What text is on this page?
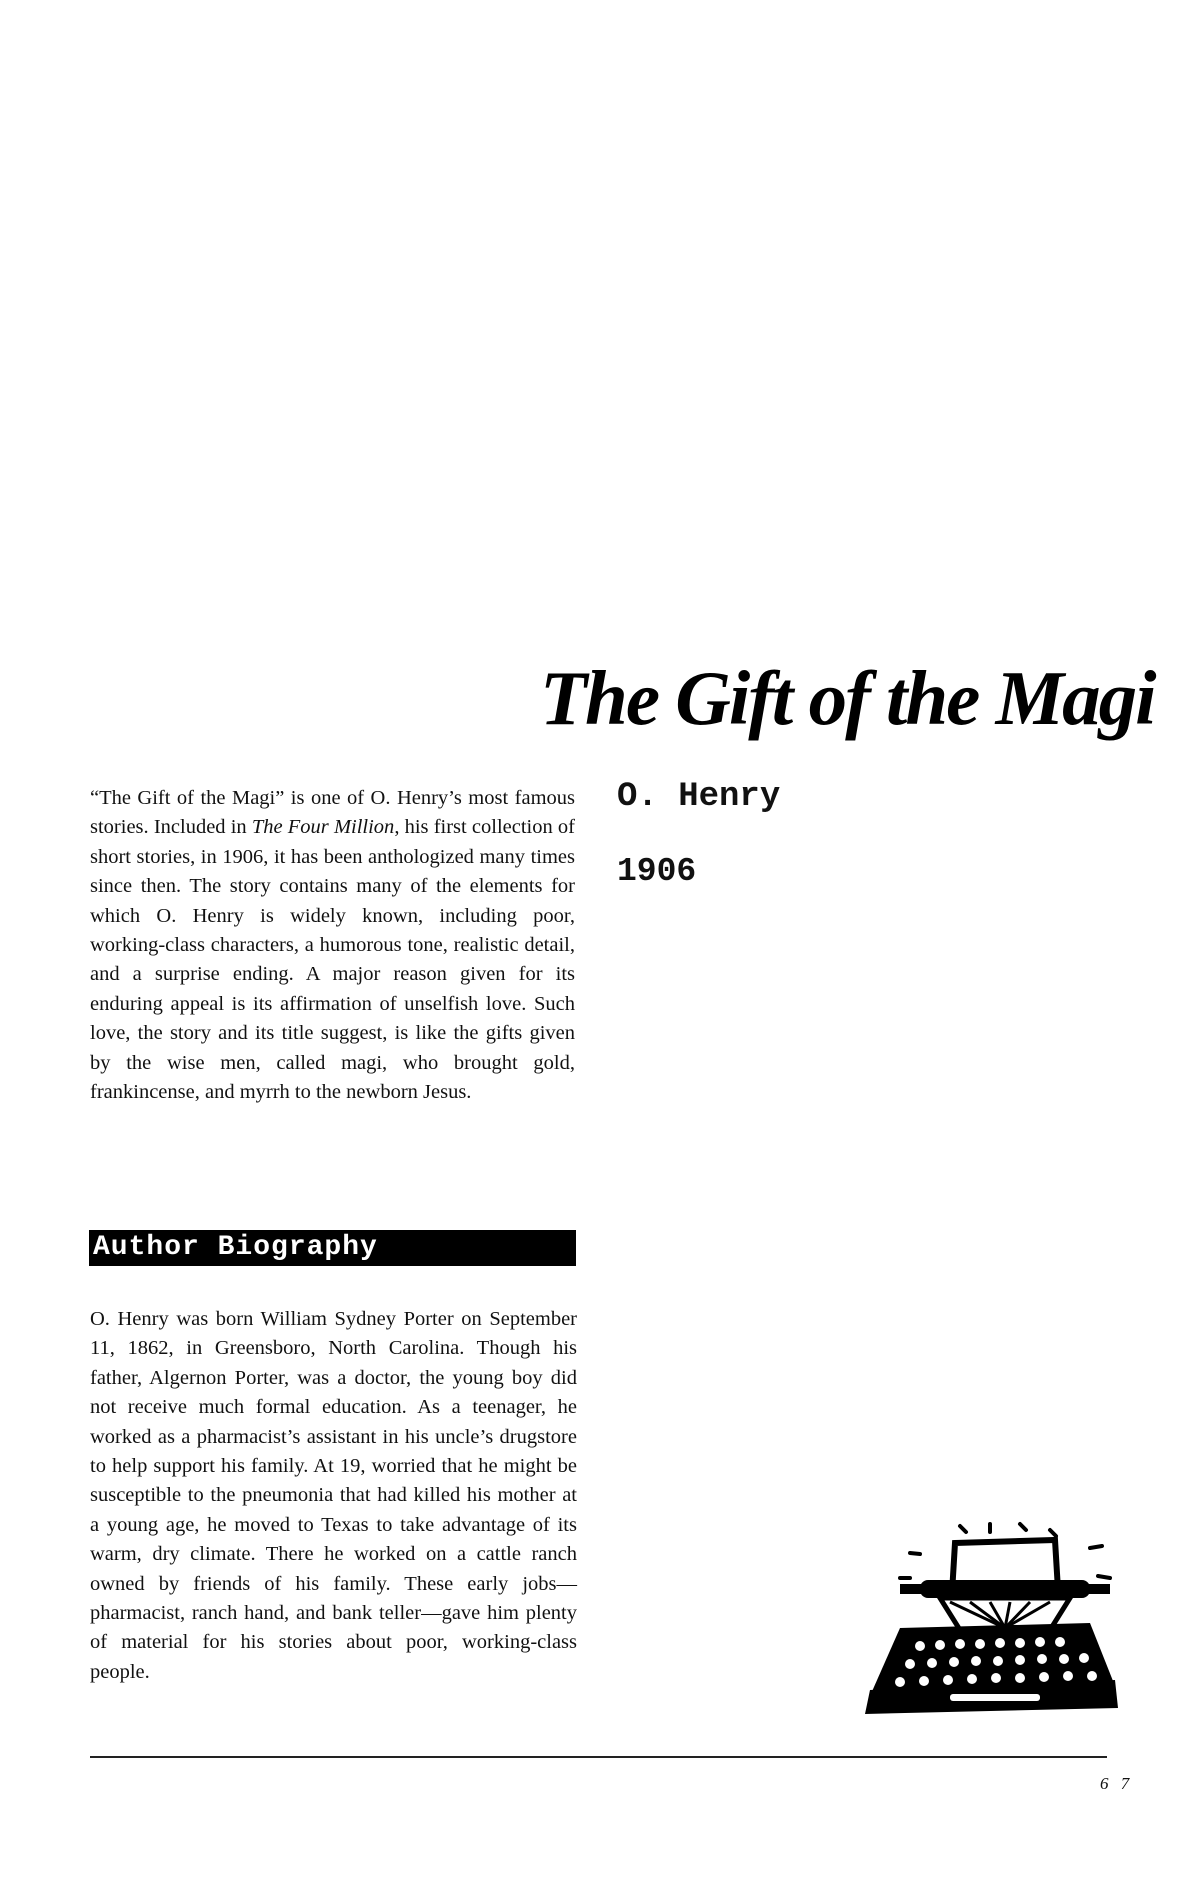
The Gift of the Magi
O. Henry
1906

“The Gift of the Magi” is one of O. Henry’s most famous stories. Included in The Four Million, his first collection of short stories, in 1906, it has been anthologized many times since then. The story contains many of the elements for which O. Henry is widely known, including poor, working-class characters, a humorous tone, realistic detail, and a surprise ending. A major reason given for its enduring appeal is its affirmation of unselfish love. Such love, the story and its title suggest, is like the gifts given by the wise men, called magi, who brought gold, frankincense, and myrrh to the newborn Jesus.

Author Biography

O. Henry was born William Sydney Porter on September 11, 1862, in Greensboro, North Carolina. Though his father, Algernon Porter, was a doctor, the young boy did not receive much formal education. As a teenager, he worked as a pharmacist’s assistant in his uncle’s drugstore to help support his family. At 19, worried that he might be susceptible to the pneumonia that had killed his mother at a young age, he moved to Texas to take advantage of its warm, dry climate. There he worked on a cattle ranch owned by friends of his family. These early jobs—pharmacist, ranch hand, and bank teller—gave him plenty of material for his stories about poor, working-class people.

6 7
